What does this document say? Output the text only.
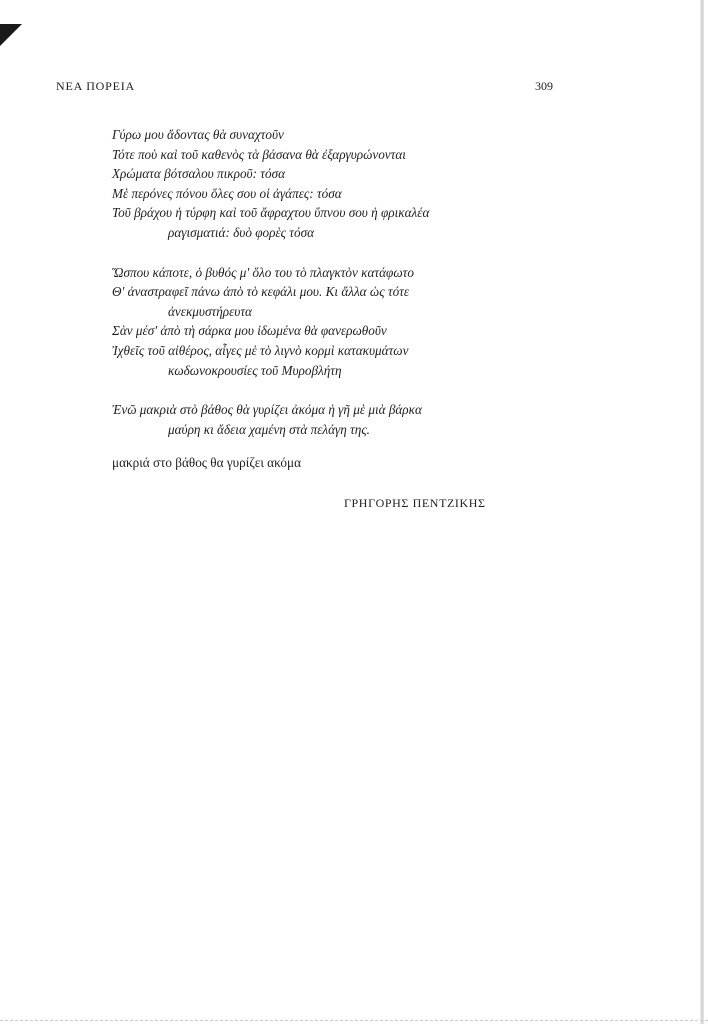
ΝΕΑ ΠΟΡΕΙΑ	309
Γύρω μου ἄδοντας θὰ συναχτοῦν
Τότε ποὺ καὶ τοῦ καθενὸς τὰ βάσανα θὰ ἐξαργυρώνονται
Χρώματα βότσαλου πικροῦ: τόσα
Μὲ περόνες πόνου ὅλες σου οἱ ἀγάπες: τόσα
Τοῦ βράχου ἡ τύρφη καὶ τοῦ ἄφραχτου ὕπνου σου ἡ φρικαλέα
ραγισματιά: δυὸ φορὲς τόσα
Ὥσπου κάποτε, ὁ βυθός μ' ὅλο του τὸ πλαγκτὸν κατάφωτο
Θ' ἀναστραφεῖ πάνω ἀπὸ τὸ κεφάλι μου. Κι ἄλλα ὡς τότε
ἀνεκμυστήρευτα
Σὰν μέσ' ἀπὸ τὴ σάρκα μου ἰδωμένα θὰ φανερωθοῦν
Ἰχθεῖς τοῦ αἰθέρος, αἶγες μὲ τὸ λιγνὸ κορμὶ κατακυμάτων
κωδωνοκρουσίες τοῦ Μυροβλήτη
Ἐνῶ μακριὰ στὸ βάθος θὰ γυρίζει ἀκόμα ἡ γῆ μὲ μιὰ βάρκα
μαύρη κι ἄδεια χαμένη στὰ πελάγη της.
μακριά στο βάθος θα γυρίζει ακόμα
ΓΡΗΓΟΡΗΣ ΠΕΝΤΖΙΚΗΣ
